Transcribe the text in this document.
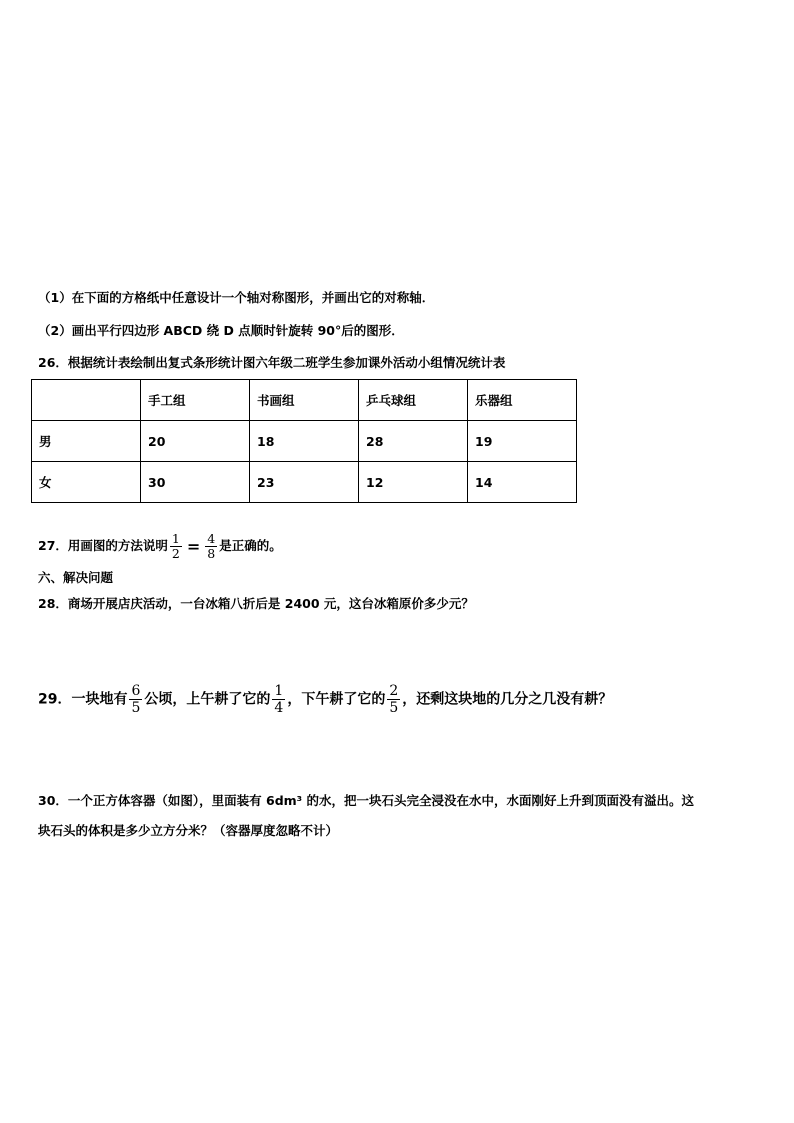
（1）在下面的方格纸中任意设计一个轴对称图形，并画出它的对称轴．
（2）画出平行四边形 ABCD 绕 D 点顺时针旋转 90°后的图形．
26．根据统计表绘制出复式条形统计图六年级二班学生参加课外活动小组情况统计表
	手工组	书画组	乒乓球组	乐器组
男	20	18	28	19
女	30	23	12	14
27．用画图的方法说明 $\frac{1}{2} = \frac{4}{8}$ 是正确的。
六、解决问题
28．商场开展店庆活动，一台冰箱八折后是 2400 元，这台冰箱原价多少元？
29．一块地有 $\frac{6}{5}$ 公顷，上午耕了它的 $\frac{1}{4}$ ，下午耕了它的 $\frac{2}{5}$ ，还剩这块地的几分之几没有耕？
30．一个正方体容器（如图），里面装有 6dm³ 的水，把一块石头完全浸没在水中，水面刚好上升到顶面没有溢出。这
块石头的体积是多少立方分米？（容器厚度忽略不计）
